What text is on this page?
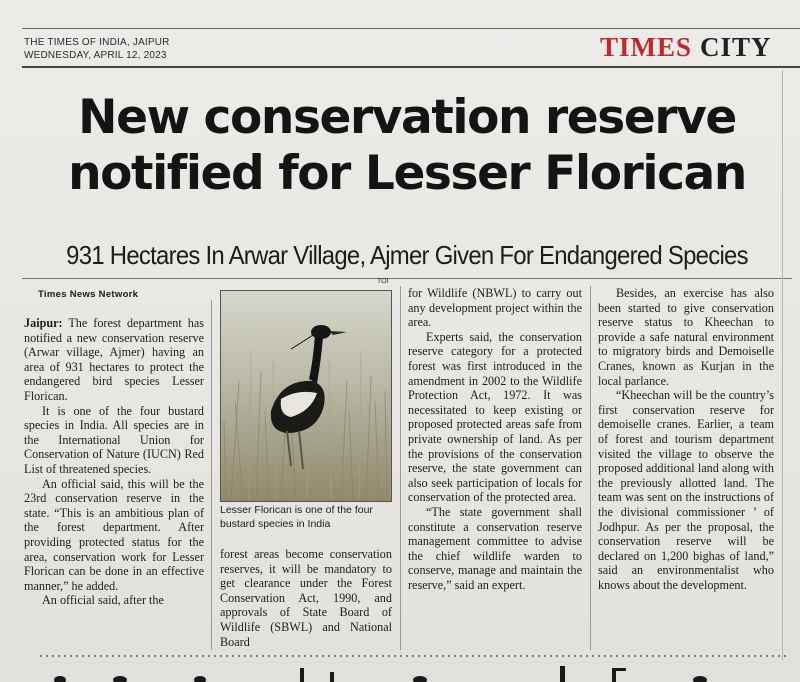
THE TIMES OF INDIA, JAIPUR
WEDNESDAY, APRIL 12, 2023	TIMES CITY
New conservation reserve
notified for Lesser Florican
931 Hectares In Arwar Village, Ajmer Given For Endangered Species
Times News Network

Jaipur: The forest department has notified a new conservation reserve (Arwar village, Ajmer) having an area of 931 hectares to protect the endangered bird species Lesser Florican.

It is one of the four bustard species in India. All species are in the International Union for Conservation of Nature (IUCN) Red List of threatened species.

An official said, this will be the 23rd conservation reserve in the state. “This is an ambitious plan of the forest department. After providing protected status for the area, conservation work for Lesser Florican can be done in an effective manner,” he added.

An official said, after the

TOI
Lesser Florican is one of the four bustard species in India

forest areas become conservation reserves, it will be mandatory to get clearance under the Forest Conservation Act, 1990, and approvals of State Board of Wildlife (SBWL) and National Board

for Wildlife (NBWL) to carry out any development project within the area.

Experts said, the conservation reserve category for a protected forest was first introduced in the amendment in 2002 to the Wildlife Protection Act, 1972. It was necessitated to keep existing or proposed protected areas safe from private ownership of land. As per the provisions of the conservation reserve, the state government can also seek participation of locals for conservation of the protected area.

“The state government shall constitute a conservation reserve management committee to advise the chief wildlife warden to conserve, manage and maintain the reserve,” said an expert.

Besides, an exercise has also been started to give conservation reserve status to Kheechan to provide a safe natural environment to migratory birds and Demoiselle Cranes, known as Kurjan in the local parlance.

“Kheechan will be the country’s first conservation reserve for demoiselle cranes. Earlier, a team of forest and tourism department visited the village to observe the proposed additional land along with the previously allotted land. The team was sent on the instructions of the divisional commissioner ’ of Jodhpur. As per the proposal, the conservation reserve will be declared on 1,200 bighas of land,” said an environmentalist who knows about the development.
